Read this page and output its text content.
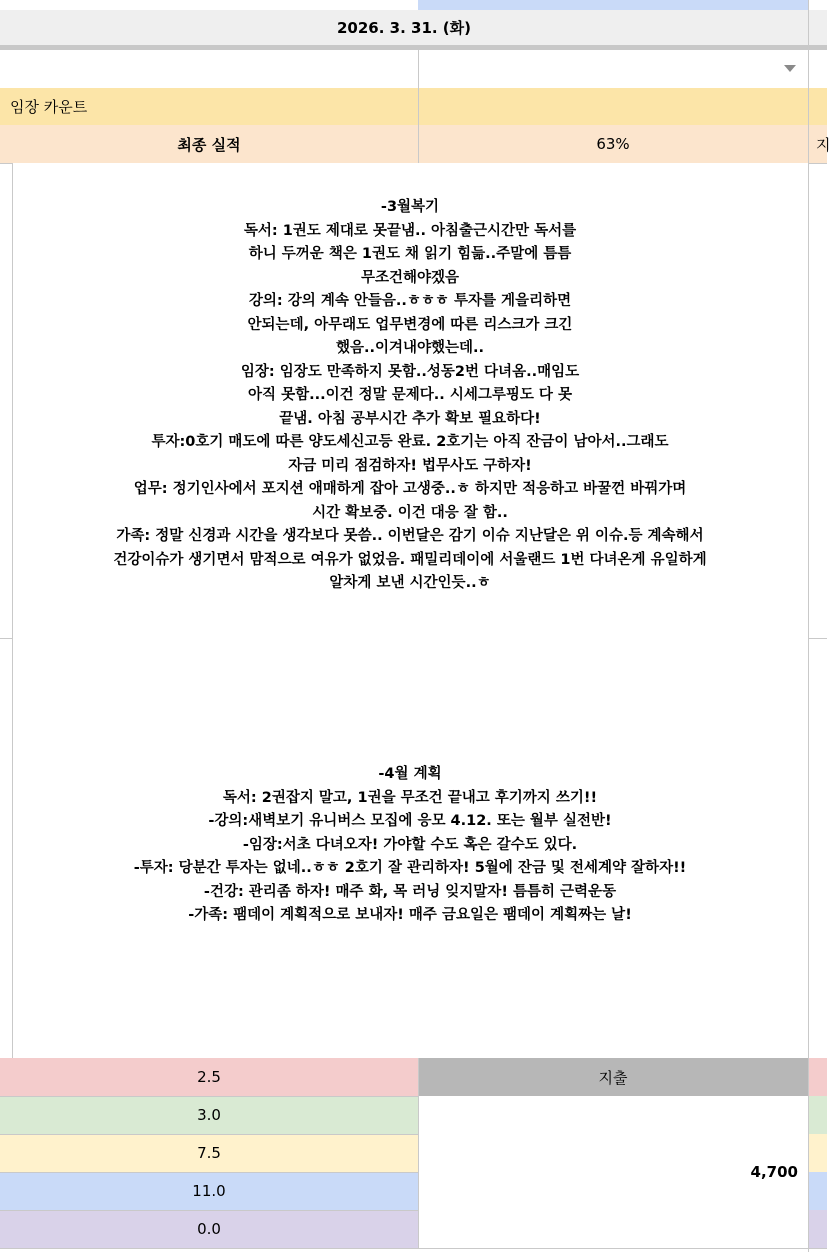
2026. 3. 31. (화)
임장 카운트
최종 실적	63%	지
-3월복기
독서: 1권도 제대로 못끝냄.. 아침출근시간만 독서를
하니 두꺼운 책은 1권도 채 읽기 힘듦..주말에 틈틈
무조건해야겠음
강의: 강의 계속 안들음..ㅎㅎㅎ 투자를 게을리하면
안되는데, 아무래도 업무변경에 따른 리스크가 크긴
했음..이겨내야했는데..
임장: 임장도 만족하지 못함..성동2번 다녀옴..매임도
아직 못함...이건 정말 문제다.. 시세그루핑도 다 못
끝냄. 아침 공부시간 추가 확보 필요하다!
투자:0호기 매도에 따른 양도세신고등 완료. 2호기는 아직 잔금이 남아서..그래도
자금 미리 점검하자! 법무사도 구하자!
업무: 정기인사에서 포지션 애매하게 잡아 고생중..ㅎ 하지만 적응하고 바꿀껀 바꿔가며
시간 확보중. 이건 대응 잘 함..
가족: 정말 신경과 시간을 생각보다 못씀.. 이번달은 감기 이슈 지난달은 위 이슈.등 계속해서
건강이슈가 생기면서 맘적으로 여유가 없었음. 패밀리데이에 서울랜드 1번 다녀온게 유일하게
알차게 보낸 시간인듯..ㅎ
-4월 계획
독서: 2권잡지 말고, 1권을 무조건 끝내고 후기까지 쓰기!!
-강의:새벽보기 유니버스 모집에 응모 4.12. 또는 월부 실전반!
-임장:서초 다녀오자! 가야할 수도 혹은 갈수도 있다.
-투자: 당분간 투자는 없네..ㅎㅎ 2호기 잘 관리하자! 5월에 잔금 및 전세계약 잘하자!!
-건강: 관리좀 하자! 매주 화, 목 러닝 잊지말자! 틈틈히 근력운동
-가족: 팸데이 계획적으로 보내자! 매주 금요일은 팸데이 계획짜는 날!
2.5
3.0
7.5
11.0
0.0
지출
4,700
